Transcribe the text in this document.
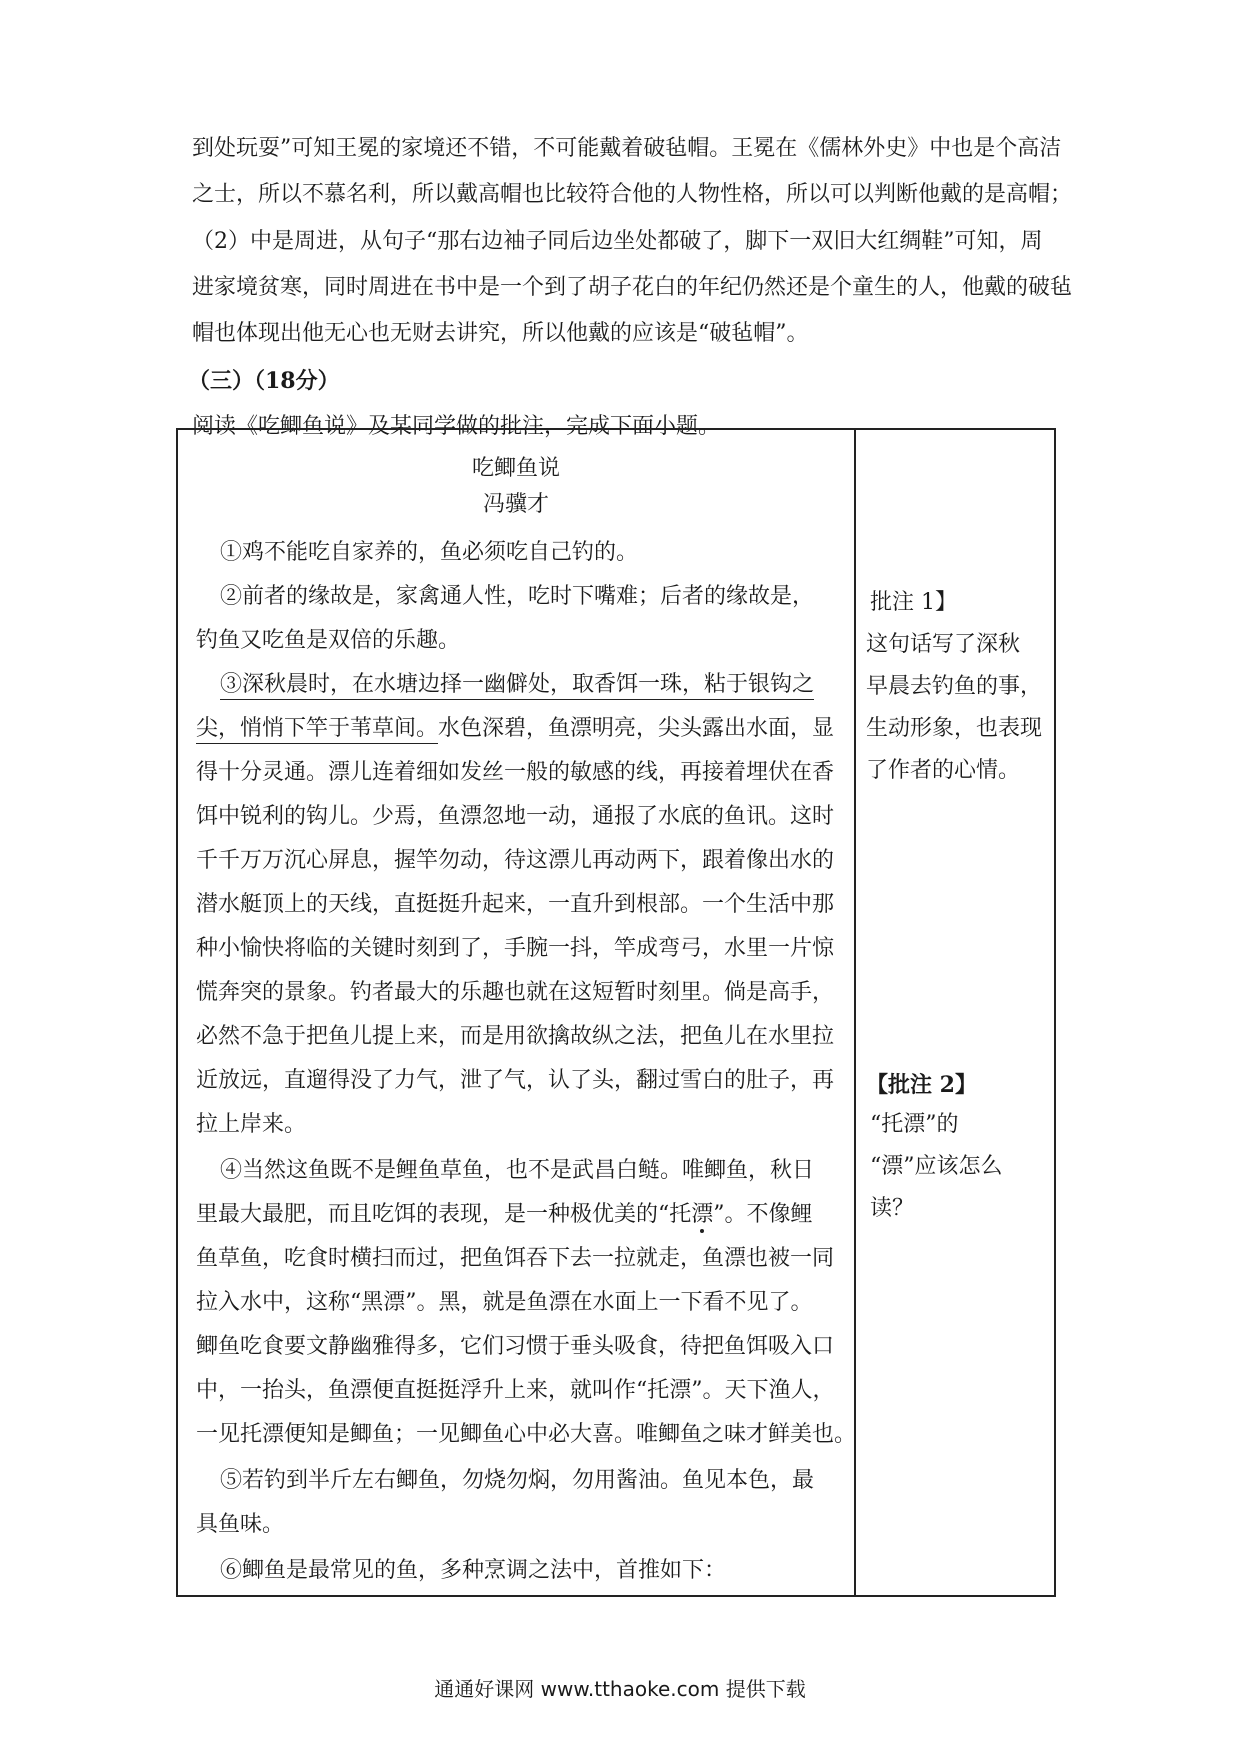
到处玩耍”可知王冕的家境还不错，不可能戴着破毡帽。王冕在《儒林外史》中也是个高洁
之士，所以不慕名利，所以戴高帽也比较符合他的人物性格，所以可以判断他戴的是高帽；
（2）中是周进，从句子“那右边袖子同后边坐处都破了，脚下一双旧大红绸鞋”可知，周
进家境贫寒，同时周进在书中是一个到了胡子花白的年纪仍然还是个童生的人，他戴的破毡
帽也体现出他无心也无财去讲究，所以他戴的应该是“破毡帽”。
（三）（18分）
阅读《吃鲫鱼说》及某同学做的批注，完成下面小题。
吃鲫鱼说
冯骥才
①鸡不能吃自家养的，鱼必须吃自己钓的。
②前者的缘故是，家禽通人性，吃时下嘴难；后者的缘故是，
钓鱼又吃鱼是双倍的乐趣。
③深秋晨时，在水塘边择一幽僻处，取香饵一珠，粘于银钩之
尖，悄悄下竿于苇草间。水色深碧，鱼漂明亮，尖头露出水面，显
得十分灵通。漂儿连着细如发丝一般的敏感的线，再接着埋伏在香
饵中锐利的钩儿。少焉，鱼漂忽地一动，通报了水底的鱼讯。这时
千千万万沉心屏息，握竿勿动，待这漂儿再动两下，跟着像出水的
潜水艇顶上的天线，直挺挺升起来，一直升到根部。一个生活中那
种小愉快将临的关键时刻到了，手腕一抖，竿成弯弓，水里一片惊
慌奔突的景象。钓者最大的乐趣也就在这短暂时刻里。倘是高手，
必然不急于把鱼儿提上来，而是用欲擒故纵之法，把鱼儿在水里拉
近放远，直遛得没了力气，泄了气，认了头，翻过雪白的肚子，再
拉上岸来。
④当然这鱼既不是鲤鱼草鱼，也不是武昌白鲢。唯鲫鱼，秋日
里最大最肥，而且吃饵的表现，是一种极优美的“托漂”。不像鲤
鱼草鱼，吃食时横扫而过，把鱼饵吞下去一拉就走，鱼漂也被一同
拉入水中，这称“黑漂”。黑，就是鱼漂在水面上一下看不见了。
鲫鱼吃食要文静幽雅得多，它们习惯于垂头吸食，待把鱼饵吸入口
中，一抬头，鱼漂便直挺挺浮升上来，就叫作“托漂”。天下渔人，
一见托漂便知是鲫鱼；一见鲫鱼心中必大喜。唯鲫鱼之味才鲜美也。
⑤若钓到半斤左右鲫鱼，勿烧勿焖，勿用酱油。鱼见本色，最
具鱼味。
⑥鲫鱼是最常见的鱼，多种烹调之法中，首推如下：
批注 1】
这句话写了深秋
早晨去钓鱼的事，
生动形象，也表现
了作者的心情。
【批注 2】
“托漂”的
“漂”应该怎么
读？
通通好课网 www.tthaoke.com 提供下载
